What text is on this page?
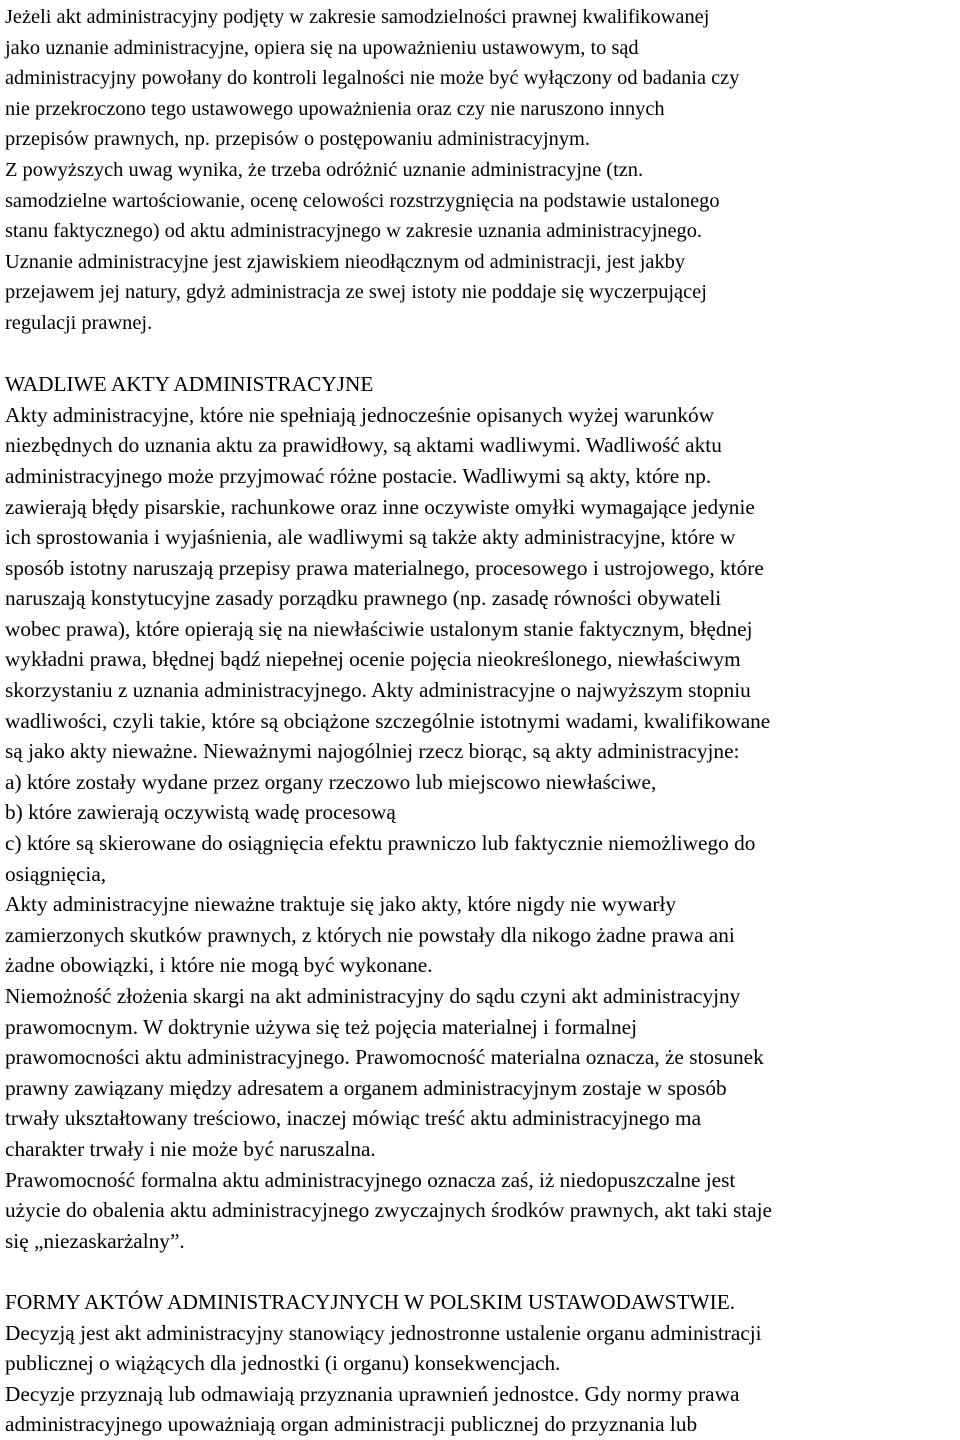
Jeżeli akt administracyjny podjęty w zakresie samodzielności prawnej kwalifikowanej
jako uznanie administracyjne, opiera się na upoważnieniu ustawowym, to sąd
administracyjny powołany do kontroli legalności nie może być wyłączony od badania czy
nie przekroczono tego ustawowego upoważnienia oraz czy nie naruszono innych
przepisów prawnych, np. przepisów o postępowaniu administracyjnym.
Z powyższych uwag wynika, że trzeba odróżnić uznanie administracyjne (tzn.
samodzielne wartościowanie, ocenę celowości rozstrzygnięcia na podstawie ustalonego
stanu faktycznego) od aktu administracyjnego w zakresie uznania administracyjnego.
Uznanie administracyjne jest zjawiskiem nieodłącznym od administracji, jest jakby
przejawem jej natury, gdyż administracja ze swej istoty nie poddaje się wyczerpującej
regulacji prawnej.
WADLIWE AKTY ADMINISTRACYJNE
Akty administracyjne, które nie spełniają jednocześnie opisanych wyżej warunków
niezbędnych do uznania aktu za prawidłowy, są aktami wadliwymi. Wadliwość aktu
administracyjnego może przyjmować różne postacie. Wadliwymi są akty, które np.
zawierają błędy pisarskie, rachunkowe oraz inne oczywiste omyłki wymagające jedynie
ich sprostowania i wyjaśnienia, ale wadliwymi są także akty administracyjne, które w
sposób istotny naruszają przepisy prawa materialnego, procesowego i ustrojowego, które
naruszają konstytucyjne zasady porządku prawnego (np. zasadę równości obywateli
wobec prawa), które opierają się na niewłaściwie ustalonym stanie faktycznym, błędnej
wykładni prawa, błędnej bądź niepełnej ocenie pojęcia nieokreślonego, niewłaściwym
skorzystaniu z uznania administracyjnego. Akty administracyjne o najwyższym stopniu
wadliwości, czyli takie, które są obciążone szczególnie istotnymi wadami, kwalifikowane
są jako akty nieważne. Nieważnymi najogólniej rzecz biorąc, są akty administracyjne:
a) które zostały wydane przez organy rzeczowo lub miejscowo niewłaściwe,
b) które zawierają oczywistą wadę procesową
c) które są skierowane do osiągnięcia efektu prawniczo lub faktycznie niemożliwego do
osiągnięcia,
Akty administracyjne nieważne traktuje się jako akty, które nigdy nie wywarły
zamierzonych skutków prawnych, z których nie powstały dla nikogo żadne prawa ani
żadne obowiązki, i które nie mogą być wykonane.
Niemożność złożenia skargi na akt administracyjny do sądu czyni akt administracyjny
prawomocnym. W doktrynie używa się też pojęcia materialnej i formalnej
prawomocności aktu administracyjnego. Prawomocność materialna oznacza, że stosunek
prawny zawiązany między adresatem a organem administracyjnym zostaje w sposób
trwały ukształtowany treściowo, inaczej mówiąc treść aktu administracyjnego ma
charakter trwały i nie może być naruszalna.
Prawomocność formalna aktu administracyjnego oznacza zaś, iż niedopuszczalne jest
użycie do obalenia aktu administracyjnego zwyczajnych środków prawnych, akt taki staje
się „niezaskarżalny”.
FORMY AKTÓW ADMINISTRACYJNYCH W POLSKIM USTAWODAWSTWIE.
Decyzją jest akt administracyjny stanowiący jednostronne ustalenie organu administracji
publicznej o wiążących dla jednostki (i organu) konsekwencjach.
Decyzje przyznają lub odmawiają przyznania uprawnień jednostce. Gdy normy prawa
administracyjnego upoważniają organ administracji publicznej do przyznania lub
